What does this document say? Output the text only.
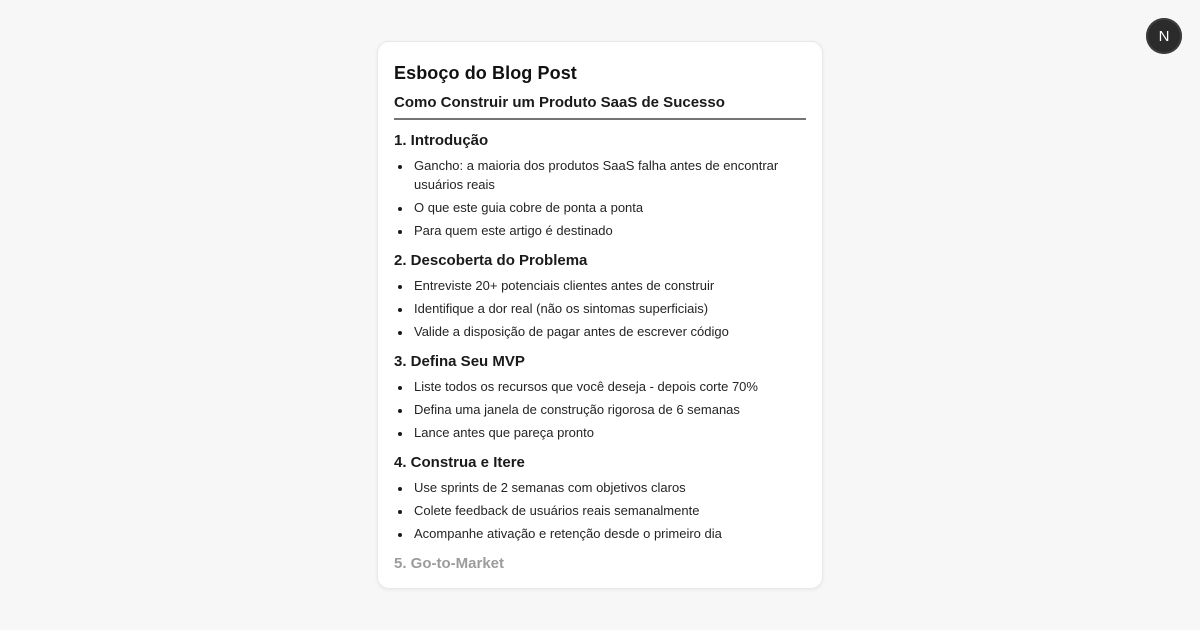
N
Esboço do Blog Post
Como Construir um Produto SaaS de Sucesso
1. Introdução
• Gancho: a maioria dos produtos SaaS falha antes de encontrar usuários reais
• O que este guia cobre de ponta a ponta
• Para quem este artigo é destinado
2. Descoberta do Problema
• Entreviste 20+ potenciais clientes antes de construir
• Identifique a dor real (não os sintomas superficiais)
• Valide a disposição de pagar antes de escrever código
3. Defina Seu MVP
• Liste todos os recursos que você deseja - depois corte 70%
• Defina uma janela de construção rigorosa de 6 semanas
• Lance antes que pareça pronto
4. Construa e Itere
• Use sprints de 2 semanas com objetivos claros
• Colete feedback de usuários reais semanalmente
• Acompanhe ativação e retenção desde o primeiro dia
5. Go-to-Market
